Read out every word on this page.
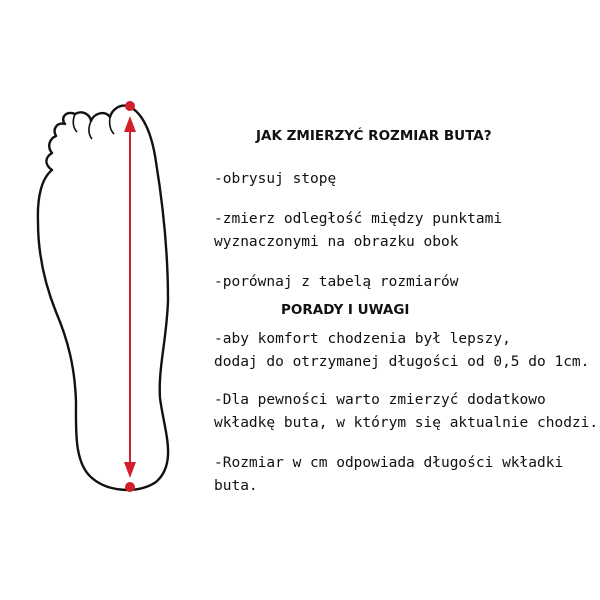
JAK ZMIERZYĆ ROZMIAR BUTA?
-obrysuj stopę
-zmierz odległość między punktami
wyznaczonymi na obrazku obok
-porównaj z tabelą rozmiarów
PORADY I UWAGI
-aby komfort chodzenia był lepszy,
dodaj do otrzymanej długości od 0,5 do 1cm.
-Dla pewności warto zmierzyć dodatkowo
wkładkę buta, w którym się aktualnie chodzi.
-Rozmiar w cm odpowiada długości wkładki
buta.
